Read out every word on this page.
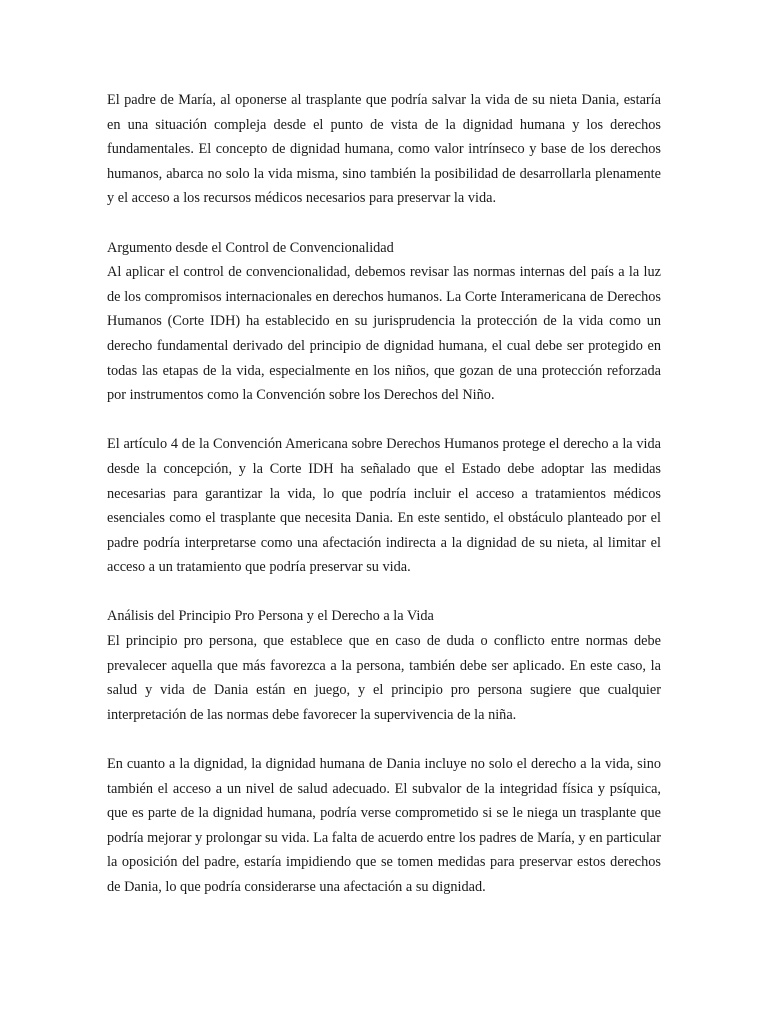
El padre de María, al oponerse al trasplante que podría salvar la vida de su nieta Dania, estaría en una situación compleja desde el punto de vista de la dignidad humana y los derechos fundamentales. El concepto de dignidad humana, como valor intrínseco y base de los derechos humanos, abarca no solo la vida misma, sino también la posibilidad de desarrollarla plenamente y el acceso a los recursos médicos necesarios para preservar la vida.

Argumento desde el Control de Convencionalidad

Al aplicar el control de convencionalidad, debemos revisar las normas internas del país a la luz de los compromisos internacionales en derechos humanos. La Corte Interamericana de Derechos Humanos (Corte IDH) ha establecido en su jurisprudencia la protección de la vida como un derecho fundamental derivado del principio de dignidad humana, el cual debe ser protegido en todas las etapas de la vida, especialmente en los niños, que gozan de una protección reforzada por instrumentos como la Convención sobre los Derechos del Niño.

El artículo 4 de la Convención Americana sobre Derechos Humanos protege el derecho a la vida desde la concepción, y la Corte IDH ha señalado que el Estado debe adoptar las medidas necesarias para garantizar la vida, lo que podría incluir el acceso a tratamientos médicos esenciales como el trasplante que necesita Dania. En este sentido, el obstáculo planteado por el padre podría interpretarse como una afectación indirecta a la dignidad de su nieta, al limitar el acceso a un tratamiento que podría preservar su vida.

Análisis del Principio Pro Persona y el Derecho a la Vida

El principio pro persona, que establece que en caso de duda o conflicto entre normas debe prevalecer aquella que más favorezca a la persona, también debe ser aplicado. En este caso, la salud y vida de Dania están en juego, y el principio pro persona sugiere que cualquier interpretación de las normas debe favorecer la supervivencia de la niña.

En cuanto a la dignidad, la dignidad humana de Dania incluye no solo el derecho a la vida, sino también el acceso a un nivel de salud adecuado. El subvalor de la integridad física y psíquica, que es parte de la dignidad humana, podría verse comprometido si se le niega un trasplante que podría mejorar y prolongar su vida. La falta de acuerdo entre los padres de María, y en particular la oposición del padre, estaría impidiendo que se tomen medidas para preservar estos derechos de Dania, lo que podría considerarse una afectación a su dignidad.
